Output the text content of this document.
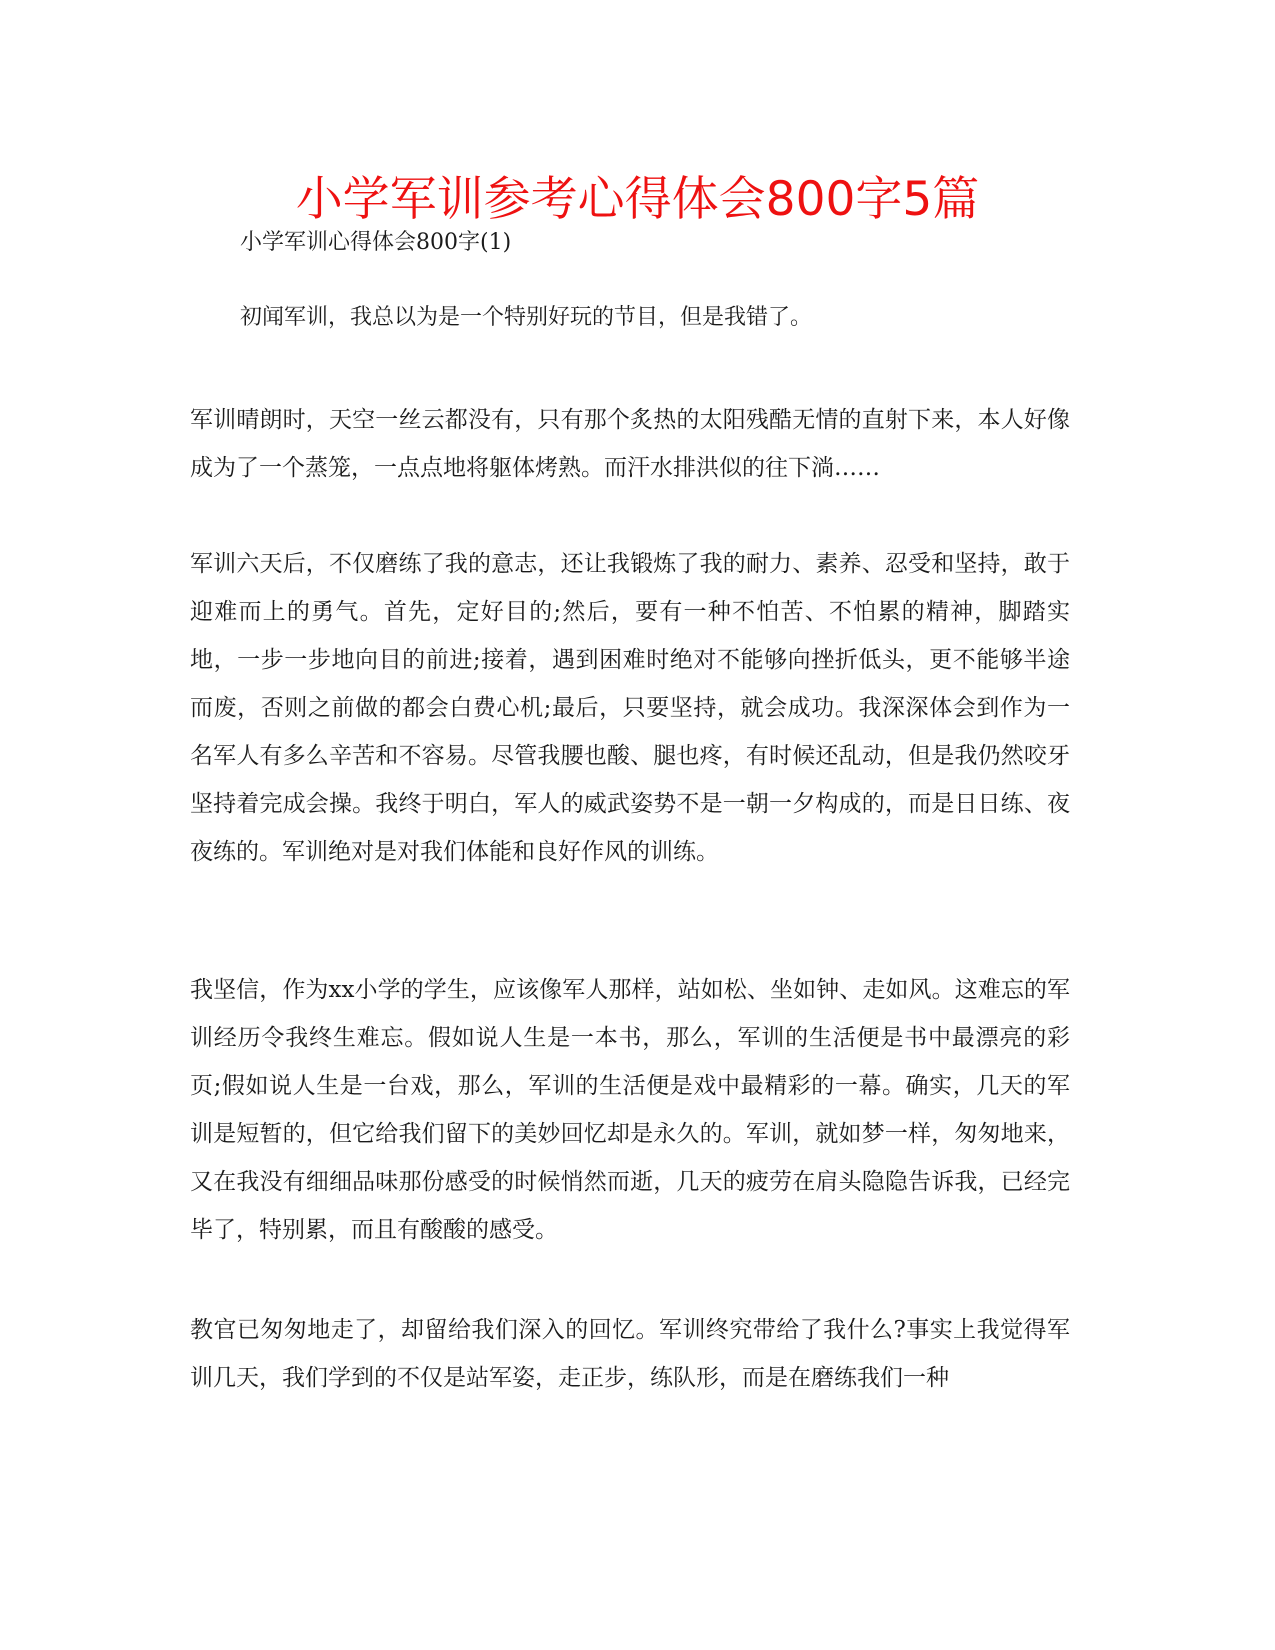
小学军训参考心得体会800字5篇
小学军训心得体会800字(1)
初闻军训，我总以为是一个特别好玩的节目，但是我错了。

军训晴朗时，天空一丝云都没有，只有那个炙热的太阳残酷无情的直射下来，本人好像成为了一个蒸笼，一点点地将躯体烤熟。而汗水排洪似的往下淌……

军训六天后，不仅磨练了我的意志，还让我锻炼了我的耐力、素养、忍受和坚持，敢于迎难而上的勇气。首先，定好目的;然后，要有一种不怕苦、不怕累的精神，脚踏实地，一步一步地向目的前进;接着，遇到困难时绝对不能够向挫折低头，更不能够半途而废，否则之前做的都会白费心机;最后，只要坚持，就会成功。我深深体会到作为一名军人有多么辛苦和不容易。尽管我腰也酸、腿也疼，有时候还乱动，但是我仍然咬牙坚持着完成会操。我终于明白，军人的威武姿势不是一朝一夕构成的，而是日日练、夜夜练的。军训绝对是对我们体能和良好作风的训练。

我坚信，作为xx小学的学生，应该像军人那样，站如松、坐如钟、走如风。这难忘的军训经历令我终生难忘。假如说人生是一本书，那么，军训的生活便是书中最漂亮的彩页;假如说人生是一台戏，那么，军训的生活便是戏中最精彩的一幕。确实，几天的军训是短暂的，但它给我们留下的美妙回忆却是永久的。军训，就如梦一样，匆匆地来，又在我没有细细品味那份感受的时候悄然而逝，几天的疲劳在肩头隐隐告诉我，已经完毕了，特别累，而且有酸酸的感受。

教官已匆匆地走了，却留给我们深入的回忆。军训终究带给了我什么?事实上我觉得军训几天，我们学到的不仅是站军姿，走正步，练队形，而是在磨练我们一种
